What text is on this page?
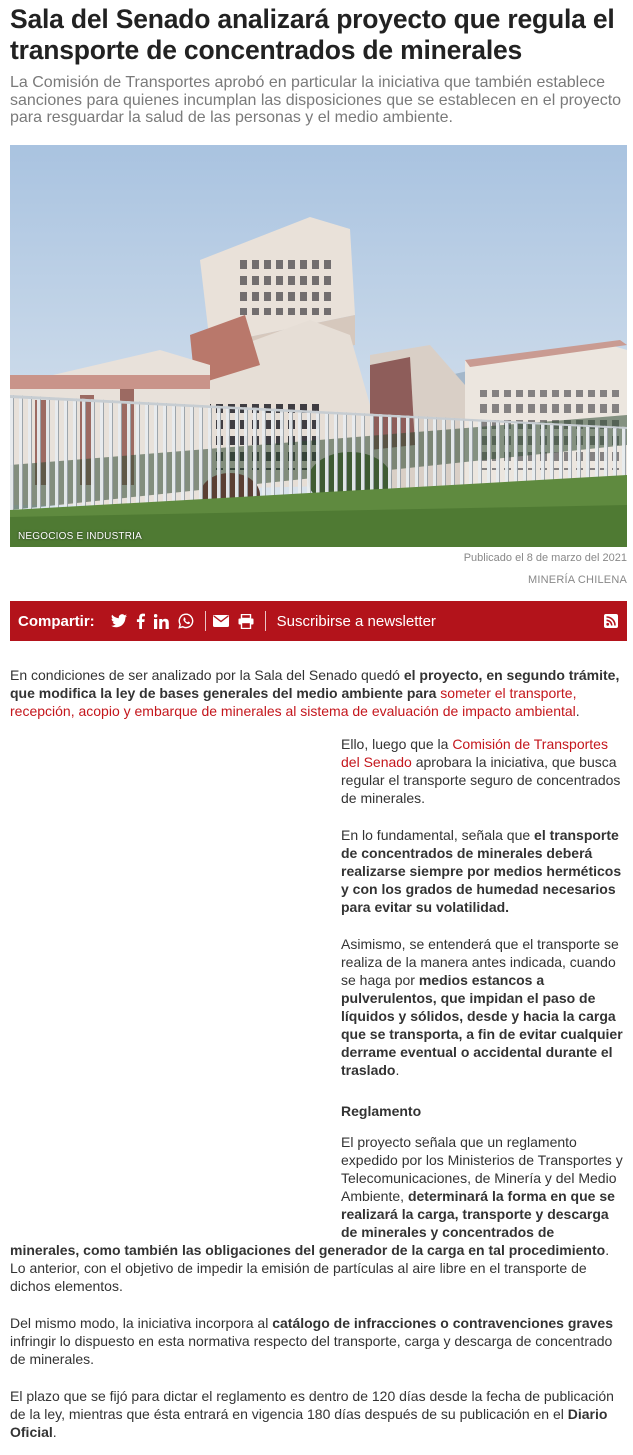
Sala del Senado analizará proyecto que regula el transporte de concentrados de minerales

La Comisión de Transportes aprobó en particular la iniciativa que también establece sanciones para quienes incumplan las disposiciones que se establecen en el proyecto para resguardar la salud de las personas y el medio ambiente.

NEGOCIOS E INDUSTRIA
Publicado el 8 de marzo del 2021
MINERÍA CHILENA
Compartir:	Suscribirse a newsletter

En condiciones de ser analizado por la Sala del Senado quedó el proyecto, en segundo trámite, que modifica la ley de bases generales del medio ambiente para someter el transporte, recepción, acopio y embarque de minerales al sistema de evaluación de impacto ambiental.

Ello, luego que la Comisión de Transportes del Senado aprobara la iniciativa, que busca regular el transporte seguro de concentrados de minerales.

En lo fundamental, señala que el transporte de concentrados de minerales deberá realizarse siempre por medios herméticos y con los grados de humedad necesarios para evitar su volatilidad.

Asimismo, se entenderá que el transporte se realiza de la manera antes indicada, cuando se haga por medios estancos a pulverulentos, que impidan el paso de líquidos y sólidos, desde y hacia la carga que se transporta, a fin de evitar cualquier derrame eventual o accidental durante el traslado.

Reglamento

El proyecto señala que un reglamento expedido por los Ministerios de Transportes y Telecomunicaciones, de Minería y del Medio Ambiente, determinará la forma en que se realizará la carga, transporte y descarga de minerales y concentrados de

minerales, como también las obligaciones del generador de la carga en tal procedimiento. Lo anterior, con el objetivo de impedir la emisión de partículas al aire libre en el transporte de dichos elementos.

Del mismo modo, la iniciativa incorpora al catálogo de infracciones o contravenciones graves infringir lo dispuesto en esta normativa respecto del transporte, carga y descarga de concentrado de minerales.

El plazo que se fijó para dictar el reglamento es dentro de 120 días desde la fecha de publicación de la ley, mientras que ésta entrará en vigencia 180 días después de su publicación en el Diario Oficial.
